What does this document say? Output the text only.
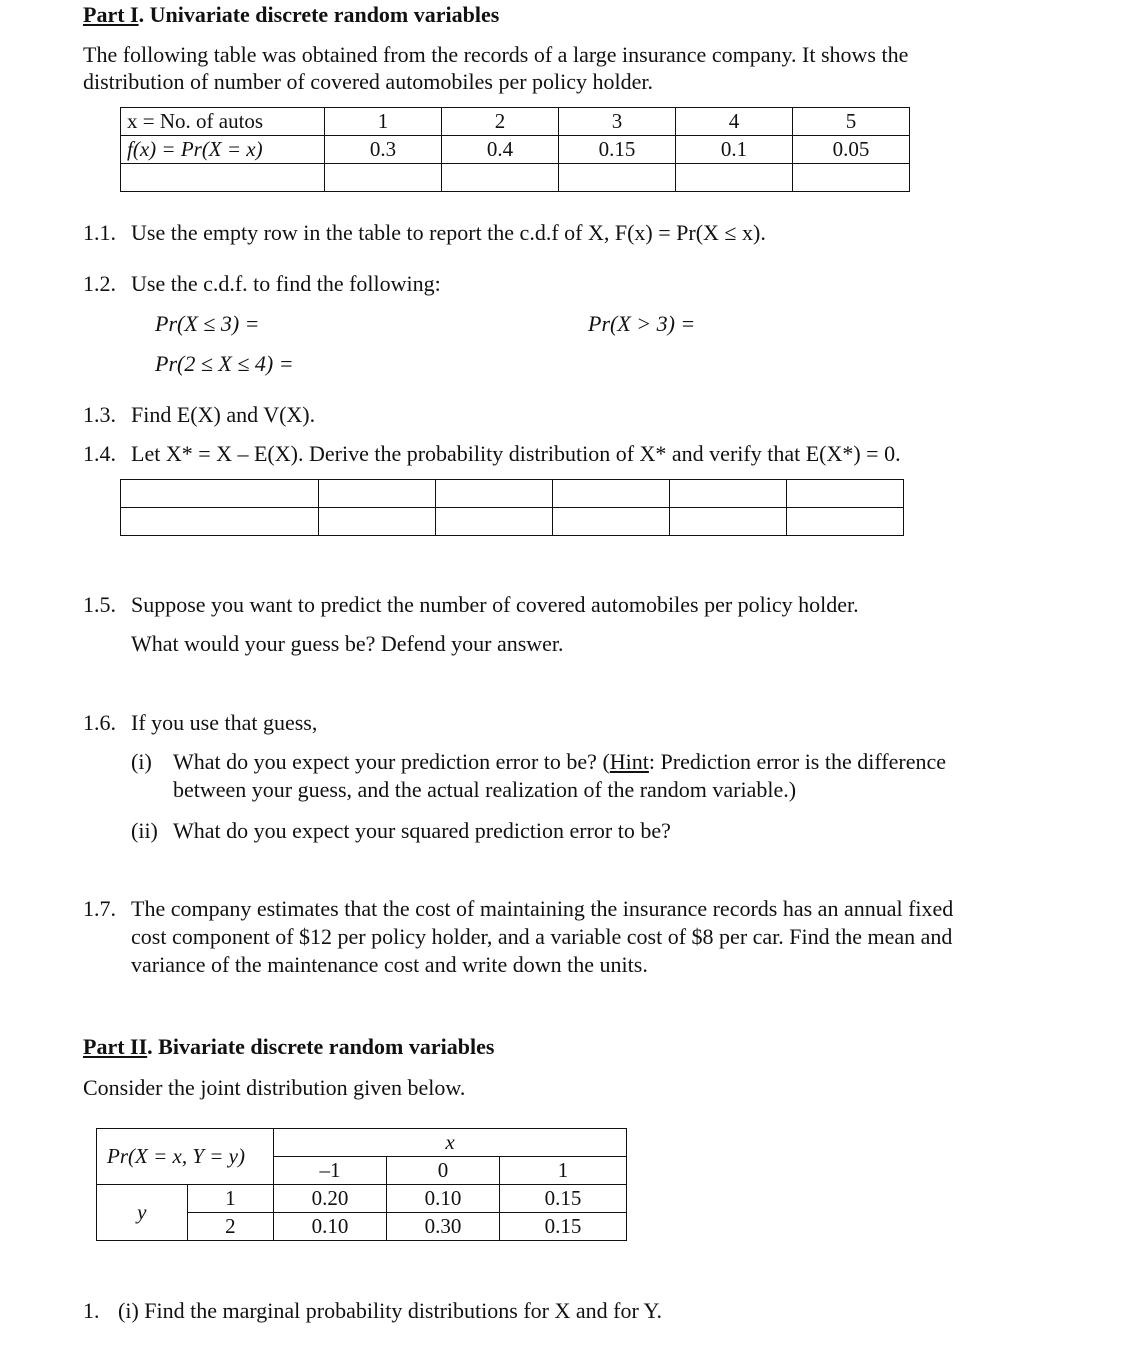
Part I. Univariate discrete random variables
The following table was obtained from the records of a large insurance company. It shows the
distribution of number of covered automobiles per policy holder.
x = No. of autos	1	2	3	4	5
f(x) = Pr(X = x)	0.3	0.4	0.15	0.1	0.05

1.1. Use the empty row in the table to report the c.d.f of X, F(x) = Pr(X ≤ x).
1.2. Use the c.d.f. to find the following:
Pr(X ≤ 3) =	Pr(X > 3) =
Pr(2 ≤ X ≤ 4) =
1.3. Find E(X) and V(X).
1.4. Let X* = X – E(X). Derive the probability distribution of X* and verify that E(X*) = 0.

1.5. Suppose you want to predict the number of covered automobiles per policy holder.
What would your guess be? Defend your answer.
1.6. If you use that guess,
(i) What do you expect your prediction error to be? (Hint: Prediction error is the difference
between your guess, and the actual realization of the random variable.)
(ii) What do you expect your squared prediction error to be?
1.7. The company estimates that the cost of maintaining the insurance records has an annual fixed
cost component of $12 per policy holder, and a variable cost of $8 per car. Find the mean and
variance of the maintenance cost and write down the units.
Part II. Bivariate discrete random variables
Consider the joint distribution given below.
Pr(X = x, Y = y)		x		
		–1	0	1
y	1	0.20	0.10	0.15
	2	0.10	0.30	0.15
1. (i) Find the marginal probability distributions for X and for Y.
